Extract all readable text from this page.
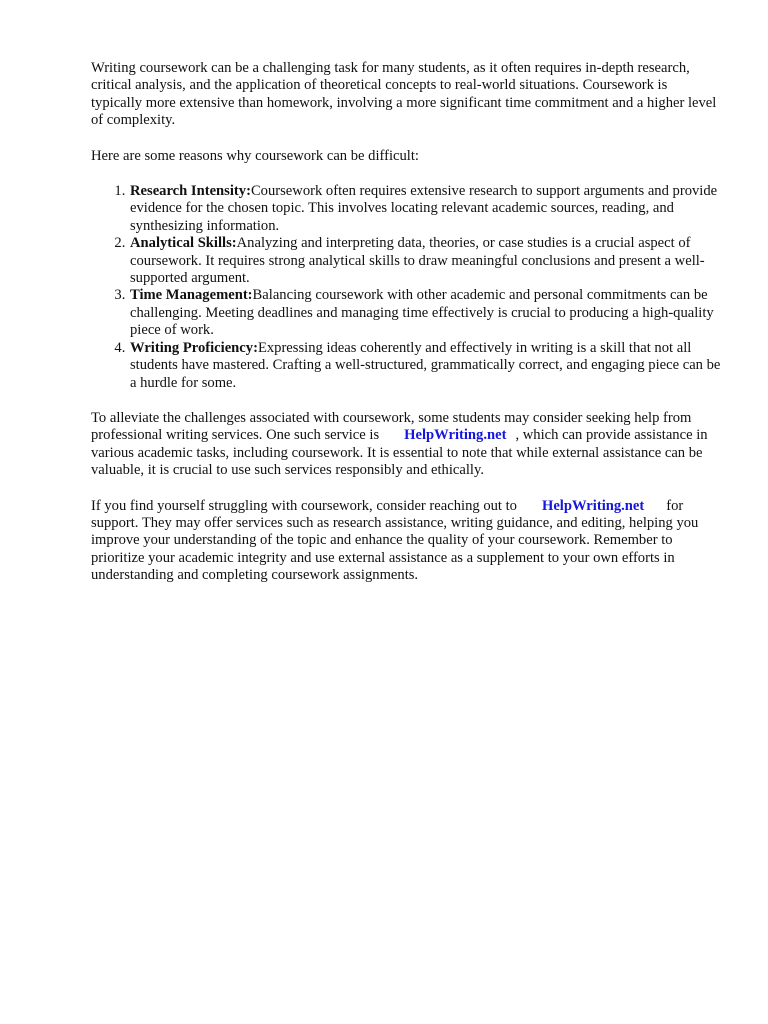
Writing coursework can be a challenging task for many students, as it often requires in-depth research, critical analysis, and the application of theoretical concepts to real-world situations. Coursework is typically more extensive than homework, involving a more significant time commitment and a higher level of complexity.

Here are some reasons why coursework can be difficult:

1. Research Intensity:Coursework often requires extensive research to support arguments and provide evidence for the chosen topic. This involves locating relevant academic sources, reading, and synthesizing information.
2. Analytical Skills:Analyzing and interpreting data, theories, or case studies is a crucial aspect of coursework. It requires strong analytical skills to draw meaningful conclusions and present a well-supported argument.
3. Time Management:Balancing coursework with other academic and personal commitments can be challenging. Meeting deadlines and managing time effectively is crucial to producing a high-quality piece of work.
4. Writing Proficiency:Expressing ideas coherently and effectively in writing is a skill that not all students have mastered. Crafting a well-structured, grammatically correct, and engaging piece can be a hurdle for some.

To alleviate the challenges associated with coursework, some students may consider seeking help from professional writing services. One such service is HelpWriting.net , which can provide assistance in various academic tasks, including coursework. It is essential to note that while external assistance can be valuable, it is crucial to use such services responsibly and ethically.

If you find yourself struggling with coursework, consider reaching out to HelpWriting.net for support. They may offer services such as research assistance, writing guidance, and editing, helping you improve your understanding of the topic and enhance the quality of your coursework. Remember to prioritize your academic integrity and use external assistance as a supplement to your own efforts in understanding and completing coursework assignments.
